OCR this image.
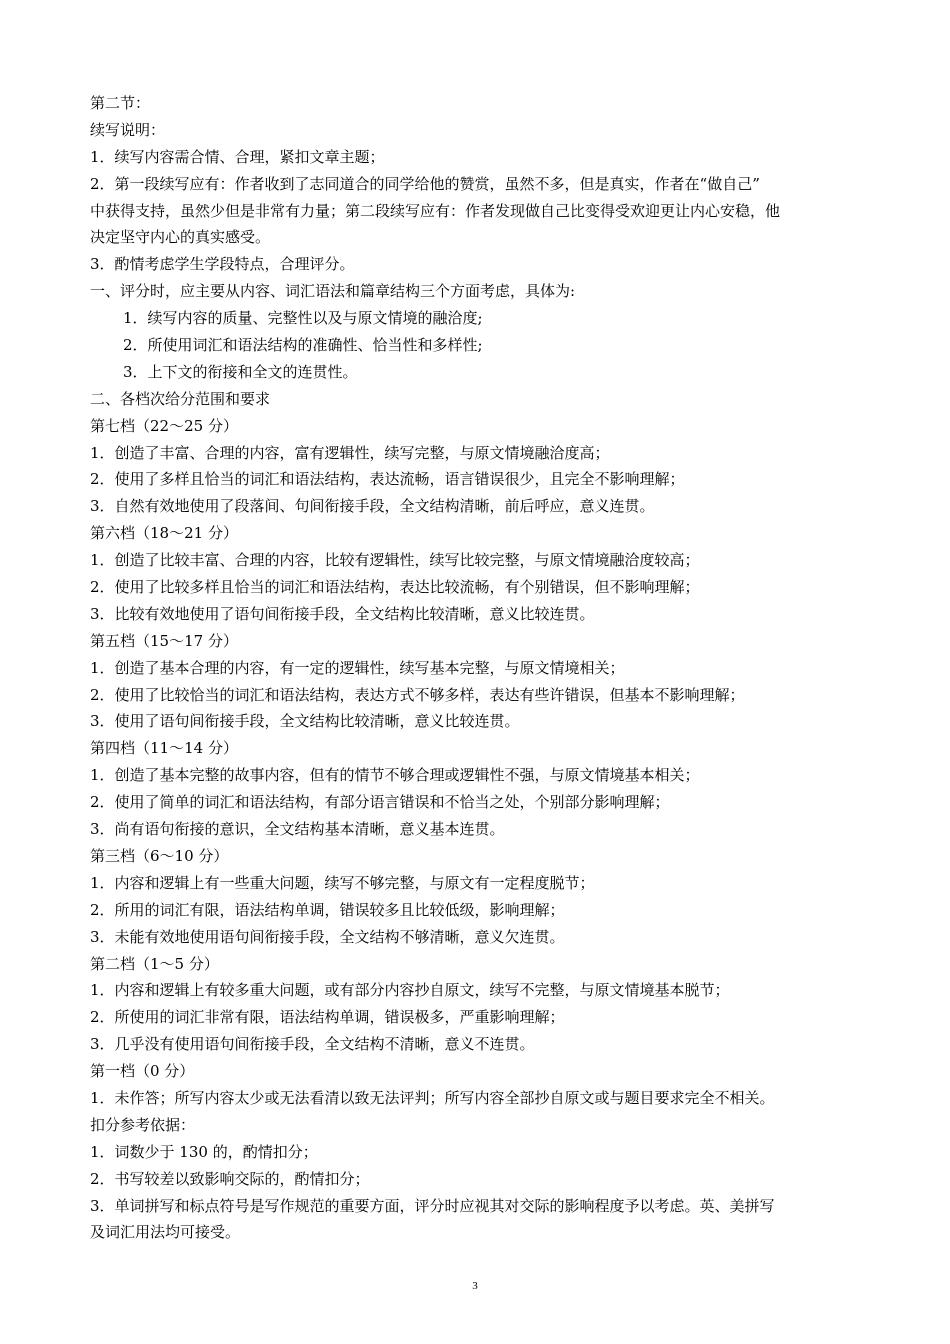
第二节：

续写说明：

1．续写内容需合情、合理，紧扣文章主题；

2．第一段续写应有：作者收到了志同道合的同学给他的赞赏，虽然不多，但是真实，作者在“做自己”

中获得支持，虽然少但是非常有力量；第二段续写应有：作者发现做自己比变得受欢迎更让内心安稳，他

决定坚守内心的真实感受。

3．酌情考虑学生学段特点，合理评分。

一、评分时，应主要从内容、词汇语法和篇章结构三个方面考虑，具体为:

1．续写内容的质量、完整性以及与原文情境的融洽度;

2．所使用词汇和语法结构的准确性、恰当性和多样性;

3．上下文的衔接和全文的连贯性。

二、各档次给分范围和要求

第七档（22～25 分）

1．创造了丰富、合理的内容，富有逻辑性，续写完整，与原文情境融洽度高；

2．使用了多样且恰当的词汇和语法结构，表达流畅，语言错误很少，且完全不影响理解；

3．自然有效地使用了段落间、句间衔接手段，全文结构清晰，前后呼应，意义连贯。

第六档（18～21 分）

1．创造了比较丰富、合理的内容，比较有逻辑性，续写比较完整，与原文情境融洽度较高；

2．使用了比较多样且恰当的词汇和语法结构，表达比较流畅，有个别错误，但不影响理解；

3．比较有效地使用了语句间衔接手段，全文结构比较清晰，意义比较连贯。

第五档（15～17 分）

1．创造了基本合理的内容，有一定的逻辑性，续写基本完整，与原文情境相关；

2．使用了比较恰当的词汇和语法结构，表达方式不够多样，表达有些许错误，但基本不影响理解；

3．使用了语句间衔接手段，全文结构比较清晰，意义比较连贯。

第四档（11～14 分）

1．创造了基本完整的故事内容，但有的情节不够合理或逻辑性不强，与原文情境基本相关；

2．使用了简单的词汇和语法结构，有部分语言错误和不恰当之处，个别部分影响理解；

3．尚有语句衔接的意识，全文结构基本清晰，意义基本连贯。

第三档（6～10 分）

1．内容和逻辑上有一些重大问题，续写不够完整，与原文有一定程度脱节；

2．所用的词汇有限，语法结构单调，错误较多且比较低级，影响理解；

3．未能有效地使用语句间衔接手段，全文结构不够清晰，意义欠连贯。

第二档（1～5 分）

1．内容和逻辑上有较多重大问题，或有部分内容抄自原文，续写不完整，与原文情境基本脱节；

2．所使用的词汇非常有限，语法结构单调，错误极多，严重影响理解；

3．几乎没有使用语句间衔接手段，全文结构不清晰，意义不连贯。

第一档（0 分）

1．未作答；所写内容太少或无法看清以致无法评判；所写内容全部抄自原文或与题目要求完全不相关。

扣分参考依据：

1．词数少于 130 的，酌情扣分；

2．书写较差以致影响交际的，酌情扣分；

3．单词拼写和标点符号是写作规范的重要方面，评分时应视其对交际的影响程度予以考虑。英、美拼写

及词汇用法均可接受。

3
